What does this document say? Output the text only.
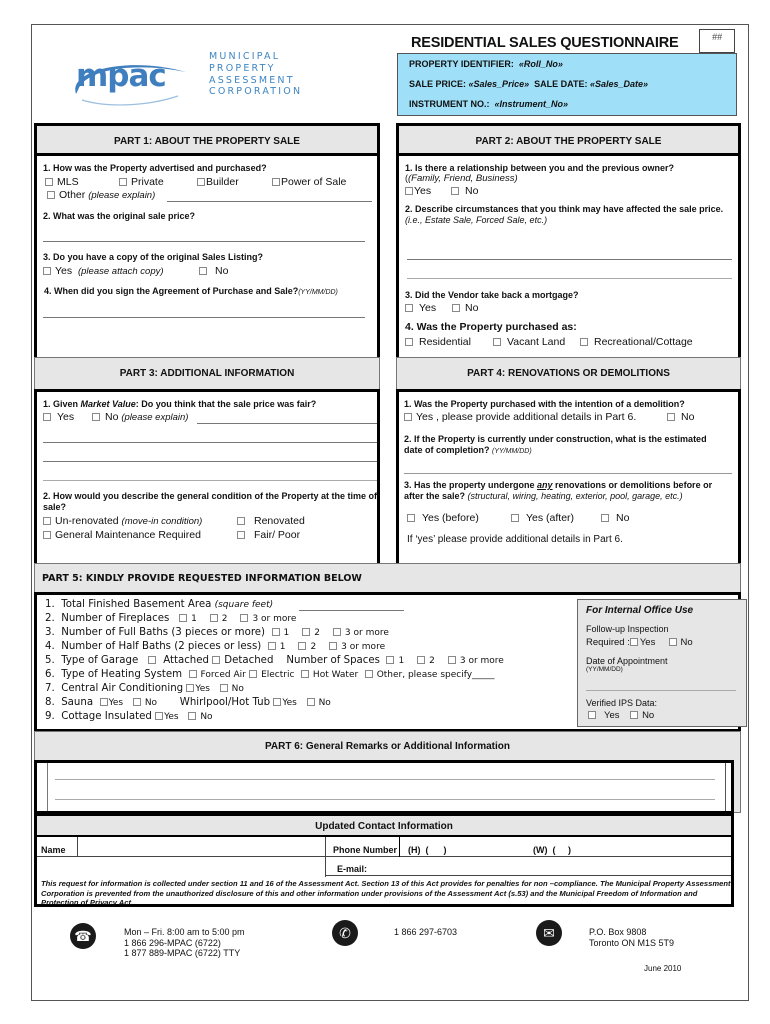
mpac
MUNICIPAL
PROPERTY
ASSESSMENT
CORPORATION
RESIDENTIAL SALES QUESTIONNAIRE	##
PROPERTY IDENTIFIER: «Roll_No»
SALE PRICE: «Sales_Price» SALE DATE: «Sales_Date»
INSTRUMENT NO.: «Instrument_No»
PART 1: ABOUT THE PROPERTY SALE
1. How was the Property advertised and purchased?
MLS	Private	Builder	Power of Sale
Other (please explain)
2. What was the original sale price?
3. Do you have a copy of the original Sales Listing?
Yes (please attach copy)	No
4. When did you sign the Agreement of Purchase and Sale?(YY/MM/DD)
PART 2: ABOUT THE PROPERTY SALE
1. Is there a relationship between you and the previous owner?
((Family, Friend, Business)
Yes	No
2. Describe circumstances that you think may have affected the sale price. (i.e., Estate Sale, Forced Sale, etc.)
3. Did the Vendor take back a mortgage?
Yes	No
4. Was the Property purchased as:
Residential	Vacant Land	Recreational/Cottage
PART 3: ADDITIONAL INFORMATION
1. Given Market Value: Do you think that the sale price was fair?
Yes	No (please explain)
2. How would you describe the general condition of the Property at the time of sale?
Un-renovated (move-in condition)	Renovated
General Maintenance Required	Fair/ Poor
PART 4: RENOVATIONS OR DEMOLITIONS
1. Was the Property purchased with the intention of a demolition?
Yes , please provide additional details in Part 6.	No
2. If the Property is currently under construction, what is the estimated date of completion? (YY/MM/DD)
3. Has the property undergone any renovations or demolitions before or after the sale? (structural, wiring, heating, exterior, pool, garage, etc.)
Yes (before)	Yes (after)	No
If ‘yes’ please provide additional details in Part 6.
PART 5: KINDLY PROVIDE REQUESTED INFORMATION BELOW
1. Total Finished Basement Area (square feet)
2. Number of Fireplaces 1	2	3 or more
3. Number of Full Baths (3 pieces or more) 1	2	3 or more
4. Number of Half Baths (2 pieces or less) 1	2	3 or more
5. Type of Garage Attached Detached Number of Spaces 1	2	3 or more
6. Type of Heating System Forced Air Electric Hot Water Other, please specify_____
7. Central Air Conditioning Yes No
8. Sauna Yes No Whirlpool/Hot Tub Yes No
9. Cottage Insulated Yes No
For Internal Office Use
Follow-up Inspection
Required : Yes	No
Date of Appointment
(YY/MM/DD)
Verified IPS Data:
Yes No
PART 6: General Remarks or Additional Information
Updated Contact Information
Name	Phone Number (H)  (      )	(W)  (     )
E-mail:
This request for information is collected under section 11 and 16 of the Assessment Act. Section 13 of this Act provides for penalties for non –compliance. The Municipal Property Assessment Corporation is prevented from the unauthorized disclosure of this and other information under provisions of the Assessment Act (s.53) and the Municipal Freedom of Information and Protection of Privacy Act.
☎	Mon – Fri. 8:00 am to 5:00 pm
1 866 296-MPAC (6722)
1 877 889-MPAC (6722) TTY
✆	1 866 297-6703	✉	P.O. Box 9808
Toronto ON M1S 5T9
June 2010
